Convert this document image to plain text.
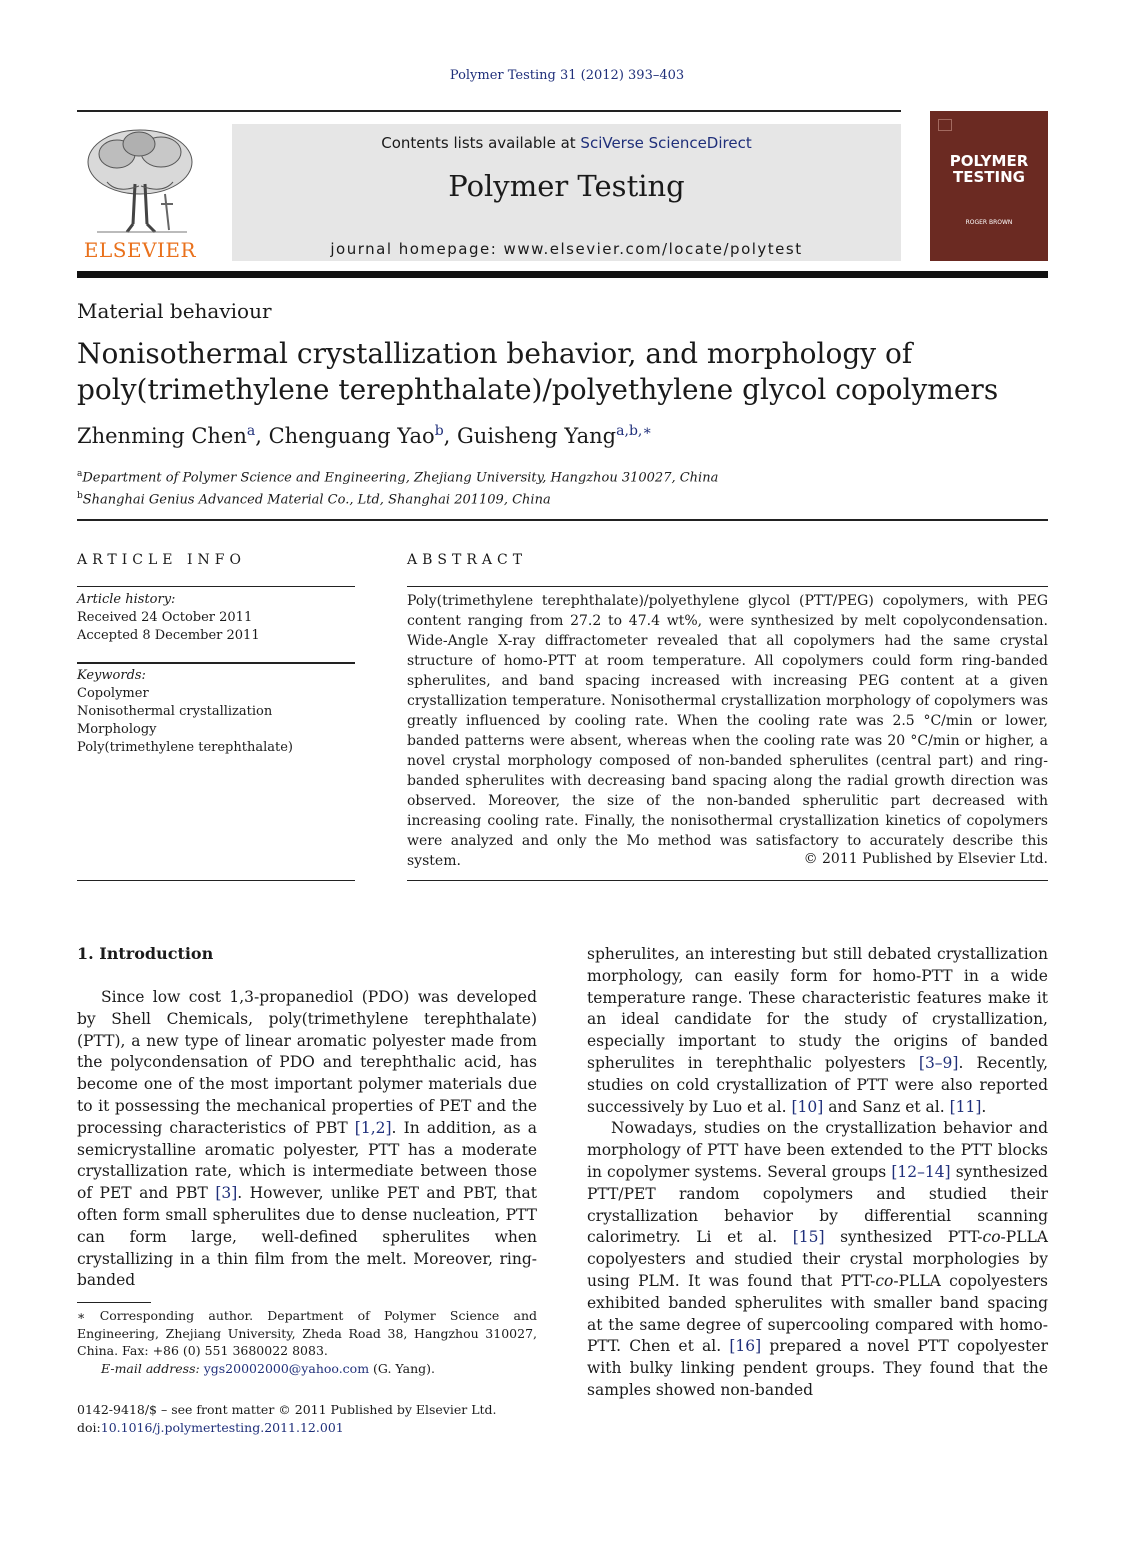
Polymer Testing 31 (2012) 393–403
ELSEVIER
Contents lists available at SciVerse ScienceDirect
Polymer Testing
journal homepage: www.elsevier.com/locate/polytest
POLYMER
TESTING
ROGER BROWN
Material behaviour
Nonisothermal crystallization behavior, and morphology of
poly(trimethylene terephthalate)/polyethylene glycol copolymers
Zhenming Chen$^a$, Chenguang Yao$^b$, Guisheng Yang$^{a,b,∗}$
$^a$Department of Polymer Science and Engineering, Zhejiang University, Hangzhou 310027, China
$^b$Shanghai Genius Advanced Material Co., Ltd, Shanghai 201109, China
ARTICLE INFO	ABSTRACT
Article history:
Received 24 October 2011
Accepted 8 December 2011
Keywords:
Copolymer
Nonisothermal crystallization
Morphology
Poly(trimethylene terephthalate)
Poly(trimethylene terephthalate)/polyethylene glycol (PTT/PEG) copolymers, with PEG content ranging from 27.2 to 47.4 wt%, were synthesized by melt copolycondensation. Wide-Angle X-ray diffractometer revealed that all copolymers had the same crystal structure of homo-PTT at room temperature. All copolymers could form ring-banded spherulites, and band spacing increased with increasing PEG content at a given crystallization temperature. Nonisothermal crystallization morphology of copolymers was greatly influenced by cooling rate. When the cooling rate was 2.5 °C/min or lower, banded patterns were absent, whereas when the cooling rate was 20 °C/min or higher, a novel crystal morphology composed of non-banded spherulites (central part) and ring-banded spherulites with decreasing band spacing along the radial growth direction was observed. Moreover, the size of the non-banded spherulitic part decreased with increasing cooling rate. Finally, the nonisothermal crystallization kinetics of copolymers were analyzed and only the Mo method was satisfactory to accurately describe this system.	© 2011 Published by Elsevier Ltd.
1. Introduction

Since low cost 1,3-propanediol (PDO) was developed by Shell Chemicals, poly(trimethylene terephthalate) (PTT), a new type of linear aromatic polyester made from the polycondensation of PDO and terephthalic acid, has become one of the most important polymer materials due to it possessing the mechanical properties of PET and the processing characteristics of PBT [1,2]. In addition, as a semicrystalline aromatic polyester, PTT has a moderate crystallization rate, which is intermediate between those of PET and PBT [3]. However, unlike PET and PBT, that often form small spherulites due to dense nucleation, PTT can form large, well-defined spherulites when crystallizing in a thin film from the melt. Moreover, ring-banded

spherulites, an interesting but still debated crystallization morphology, can easily form for homo-PTT in a wide temperature range. These characteristic features make it an ideal candidate for the study of crystallization, especially important to study the origins of banded spherulites in terephthalic polyesters [3–9]. Recently, studies on cold crystallization of PTT were also reported successively by Luo et al. [10] and Sanz et al. [11].

Nowadays, studies on the crystallization behavior and morphology of PTT have been extended to the PTT blocks in copolymer systems. Several groups [12–14] synthesized PTT/PET random copolymers and studied their crystallization behavior by differential scanning calorimetry. Li et al. [15] synthesized PTT-co-PLLA copolyesters and studied their crystal morphologies by using PLM. It was found that PTT-co-PLLA copolyesters exhibited banded spherulites with smaller band spacing at the same degree of supercooling compared with homo-PTT. Chen et al. [16] prepared a novel PTT copolyester with bulky linking pendent groups. They found that the samples showed non-banded

∗ Corresponding author. Department of Polymer Science and Engineering, Zhejiang University, Zheda Road 38, Hangzhou 310027, China. Fax: +86 (0) 551 3680022 8083.
E-mail address: ygs20002000@yahoo.com (G. Yang).
0142-9418/$ – see front matter © 2011 Published by Elsevier Ltd.
doi:10.1016/j.polymertesting.2011.12.001
